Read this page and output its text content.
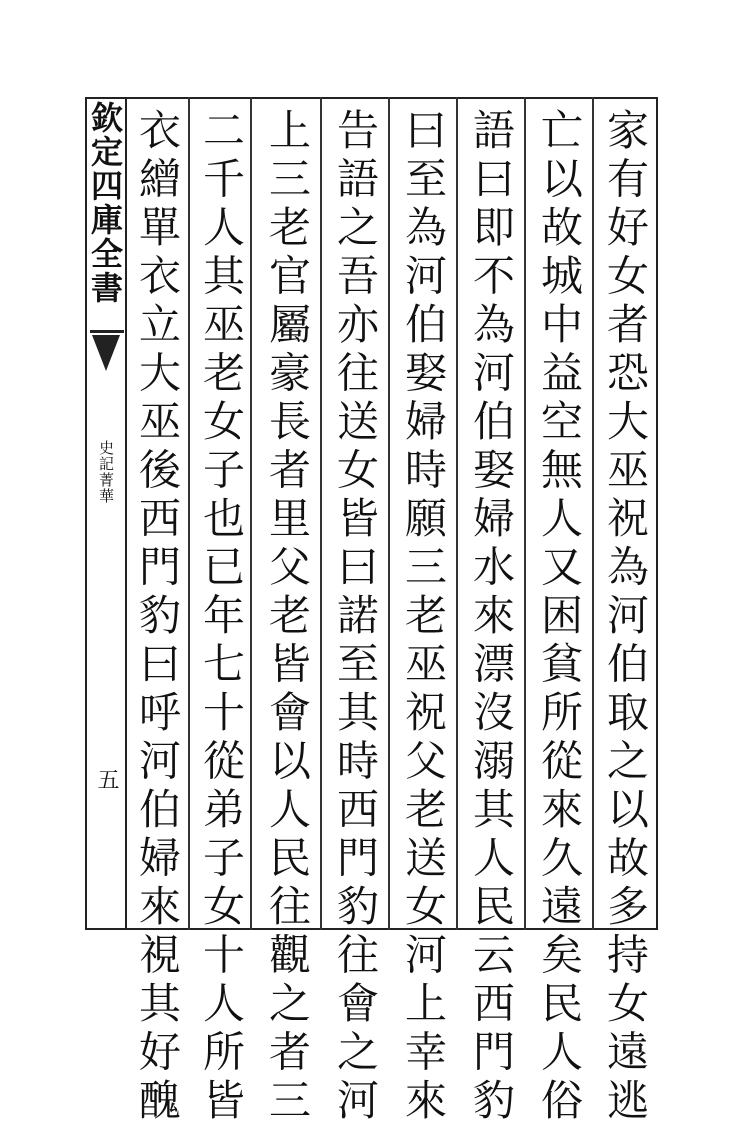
欽定四庫全書
史記菁華
五	家有好女者恐大巫祝為河伯取之以故多持女遠逃
亡以故城中益空無人又困貧所從來久遠矣民人俗
語曰即不為河伯娶婦水來漂沒溺其人民云西門豹
曰至為河伯娶婦時願三老巫祝父老送女河上幸來
告語之吾亦往送女皆曰諾至其時西門豹往會之河
上三老官屬豪長者里父老皆會以人民往觀之者三
二千人其巫老女子也已年七十從弟子女十人所皆
衣繒單衣立大巫後西門豹曰呼河伯婦來視其好醜
